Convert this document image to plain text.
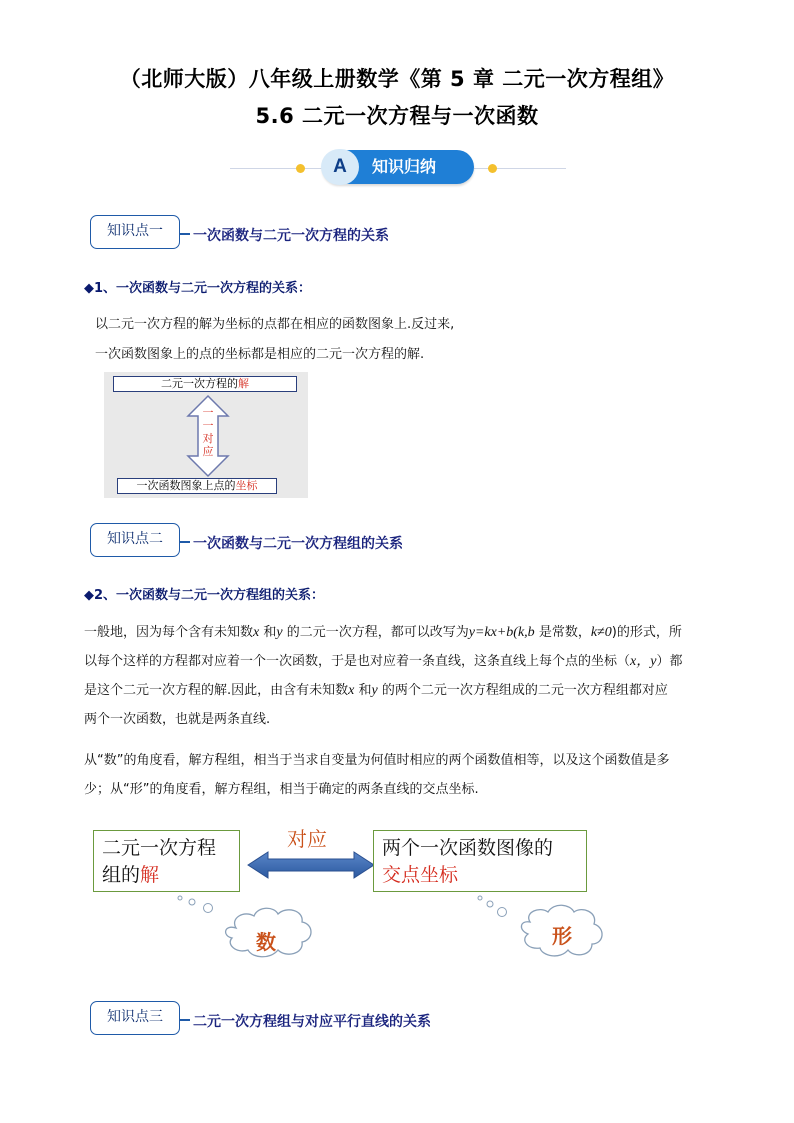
（北师大版）八年级上册数学《第 5 章 二元一次方程组》
5.6 二元一次方程与一次函数
A	知识归纳
知识点一	一次函数与二元一次方程的关系
◆1、一次函数与二元一次方程的关系：
以二元一次方程的解为坐标的点都在相应的函数图象上.反过来,
一次函数图象上的点的坐标都是相应的二元一次方程的解.
二元一次方程的解
一
一
对
应
一次函数图象上点的坐标
知识点二	一次函数与二元一次方程组的关系
◆2、一次函数与二元一次方程组的关系：
一般地，因为每个含有未知数x 和y 的二元一次方程，都可以改写为y=kx+b(k,b 是常数，k≠0)的形式，所
以每个这样的方程都对应着一个一次函数，于是也对应着一条直线，这条直线上每个点的坐标（x，y）都
是这个二元一次方程的解.因此，由含有未知数x 和y 的两个二元一次方程组成的二元一次方程组都对应
两个一次函数，也就是两条直线.
从“数”的角度看，解方程组，相当于当求自变量为何值时相应的两个函数值相等，以及这个函数值是多
少；从“形”的角度看，解方程组，相当于确定的两条直线的交点坐标.
二元一次方程
组的解
对应	两个一次函数图像的
交点坐标
数	形
知识点三	二元一次方程组与对应平行直线的关系
